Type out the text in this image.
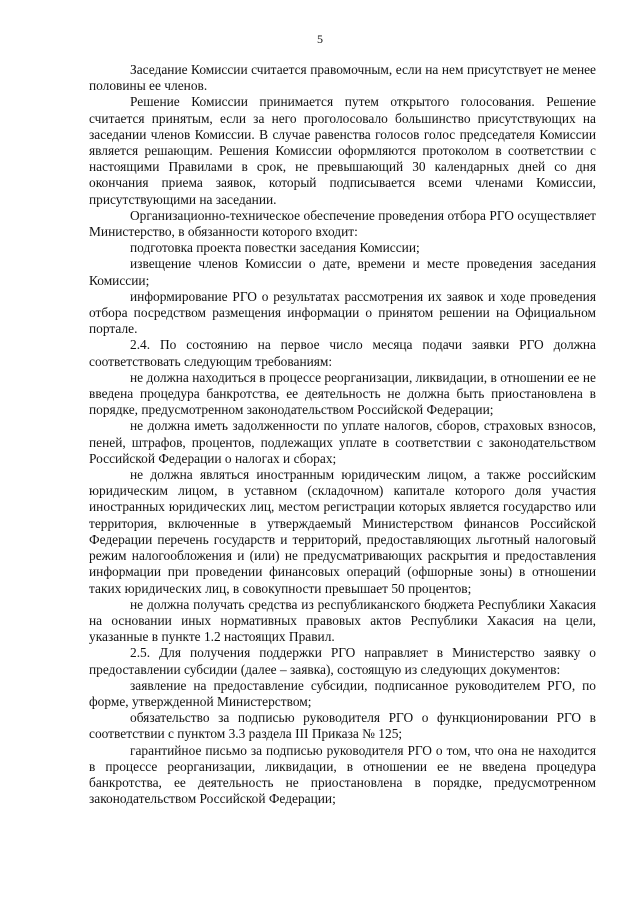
5

Заседание Комиссии считается правомочным, если на нем присутствует не менее половины ее членов.

Решение Комиссии принимается путем открытого голосования. Решение считается принятым, если за него проголосовало большинство присутствующих на заседании членов Комиссии. В случае равенства голосов голос председателя Комиссии является решающим. Решения Комиссии оформляются протоколом в соответствии с настоящими Правилами в срок, не превышающий 30 календарных дней со дня окончания приема заявок, который подписывается всеми членами Комиссии, присутствующими на заседании.

Организационно-техническое обеспечение проведения отбора РГО осуществляет Министерство, в обязанности которого входит:

подготовка проекта повестки заседания Комиссии;

извещение членов Комиссии о дате, времени и месте проведения заседания Комиссии;

информирование РГО о результатах рассмотрения их заявок и ходе проведения отбора посредством размещения информации о принятом решении на Официальном портале.

2.4. По состоянию на первое число месяца подачи заявки РГО должна соответствовать следующим требованиям:

не должна находиться в процессе реорганизации, ликвидации, в отношении ее не введена процедура банкротства, ее деятельность не должна быть приостановлена в порядке, предусмотренном законодательством Российской Федерации;

не должна иметь задолженности по уплате налогов, сборов, страховых взносов, пеней, штрафов, процентов, подлежащих уплате в соответствии с законодательством Российской Федерации о налогах и сборах;

не должна являться иностранным юридическим лицом, а также российским юридическим лицом, в уставном (складочном) капитале которого доля участия иностранных юридических лиц, местом регистрации которых является государство или территория, включенные в утверждаемый Министерством финансов Российской Федерации перечень государств и территорий, предоставляющих льготный налоговый режим налогообложения и (или) не предусматривающих раскрытия и предоставления информации при проведении финансовых операций (офшорные зоны) в отношении таких юридических лиц, в совокупности превышает 50 процентов;

не должна получать средства из республиканского бюджета Республики Хакасия на основании иных нормативных правовых актов Республики Хакасия на цели, указанные в пункте 1.2 настоящих Правил.

2.5. Для получения поддержки РГО направляет в Министерство заявку о предоставлении субсидии (далее – заявка), состоящую из следующих документов:

заявление на предоставление субсидии, подписанное руководителем РГО, по форме, утвержденной Министерством;

обязательство за подписью руководителя РГО о функционировании РГО в соответствии с пунктом 3.3 раздела III Приказа № 125;

гарантийное письмо за подписью руководителя РГО о том, что она не находится в процессе реорганизации, ликвидации, в отношении ее не введена процедура банкротства, ее деятельность не приостановлена в порядке, предусмотренном законодательством Российской Федерации;
